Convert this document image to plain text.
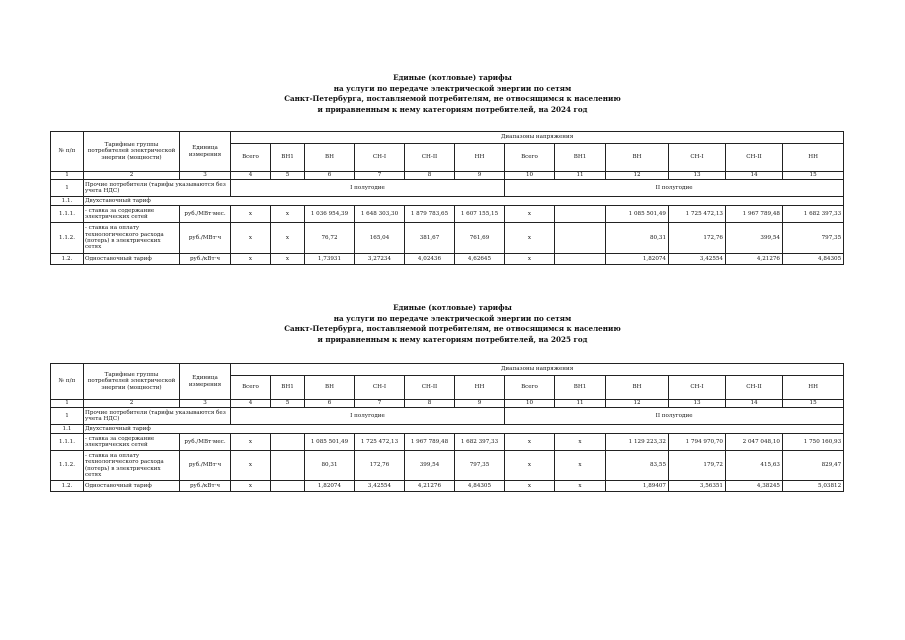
Единые (котловые) тарифы
на услуги по передаче электрической энергии по сетям
Санкт-Петербурга, поставляемой потребителям, не относящимся к населению
и приравненным к нему категориям потребителей, на 2024 год
№ п/п	Тарифные группы потребителей электрической энергии (мощности)	Единица измерения	Диапазоны напряжения											
			Всего	ВН1	ВН	СН-I	СН-II	НН	Всего	ВН1	ВН	СН-I	СН-II	НН
1	2	3	4	5	6	7	8	9	10	11	12	13	14	15
1	Прочие потребители (тарифы указываются без учета НДС)		I полугодие						II полугодие					
1.1.	Двухставочный тариф													
1.1.1.	- ставка за содержание электрических сетей	руб./МВт·мес.	х	х	1 036 954,39	1 648 303,30	1 879 783,65	1 607 155,15	х		1 085 501,49	1 725 472,13	1 967 789,48	1 682 397,33
1.1.2.	- ставка на оплату технологического расхода (потерь) в электрических сетях	руб./МВт·ч	х	х	76,72	165,04	381,67	761,69	х		80,31	172,76	399,54	797,35
1.2.	Одноставочный тариф	руб./кВт·ч	х	х	1,73931	3,27234	4,02436	4,62645	х		1,82074	3,42554	4,21276	4,84305
Единые (котловые) тарифы
на услуги по передаче электрической энергии по сетям
Санкт-Петербурга, поставляемой потребителям, не относящимся к населению
и приравненным к нему категориям потребителей, на 2025 год
№ п/п	Тарифные группы потребителей электрической энергии (мощности)	Единица измерения	Диапазоны напряжения											
			Всего	ВН1	ВН	СН-I	СН-II	НН	Всего	ВН1	ВН	СН-I	СН-II	НН
1	2	3	4	5	6	7	8	9	10	11	12	13	14	15
1	Прочие потребители (тарифы указываются без учета НДС)		I полугодие						II полугодие					
1.1	Двухставочный тариф													
1.1.1.	- ставка за содержание электрических сетей	руб./МВт·мес.	х		1 085 501,49	1 725 472,13	1 967 789,48	1 682 397,33	х	х	1 129 223,32	1 794 970,70	2 047 048,10	1 750 160,93
1.1.2.	- ставка на оплату технологического расхода (потерь) в электрических сетях	руб./МВт·ч	х		80,31	172,76	399,54	797,35	х	х	83,55	179,72	415,63	829,47
1.2.	Одноставочный тариф	руб./кВт·ч	х		1,82074	3,42554	4,21276	4,84305	х	х	1,89407	3,56351	4,38245	5,03812
